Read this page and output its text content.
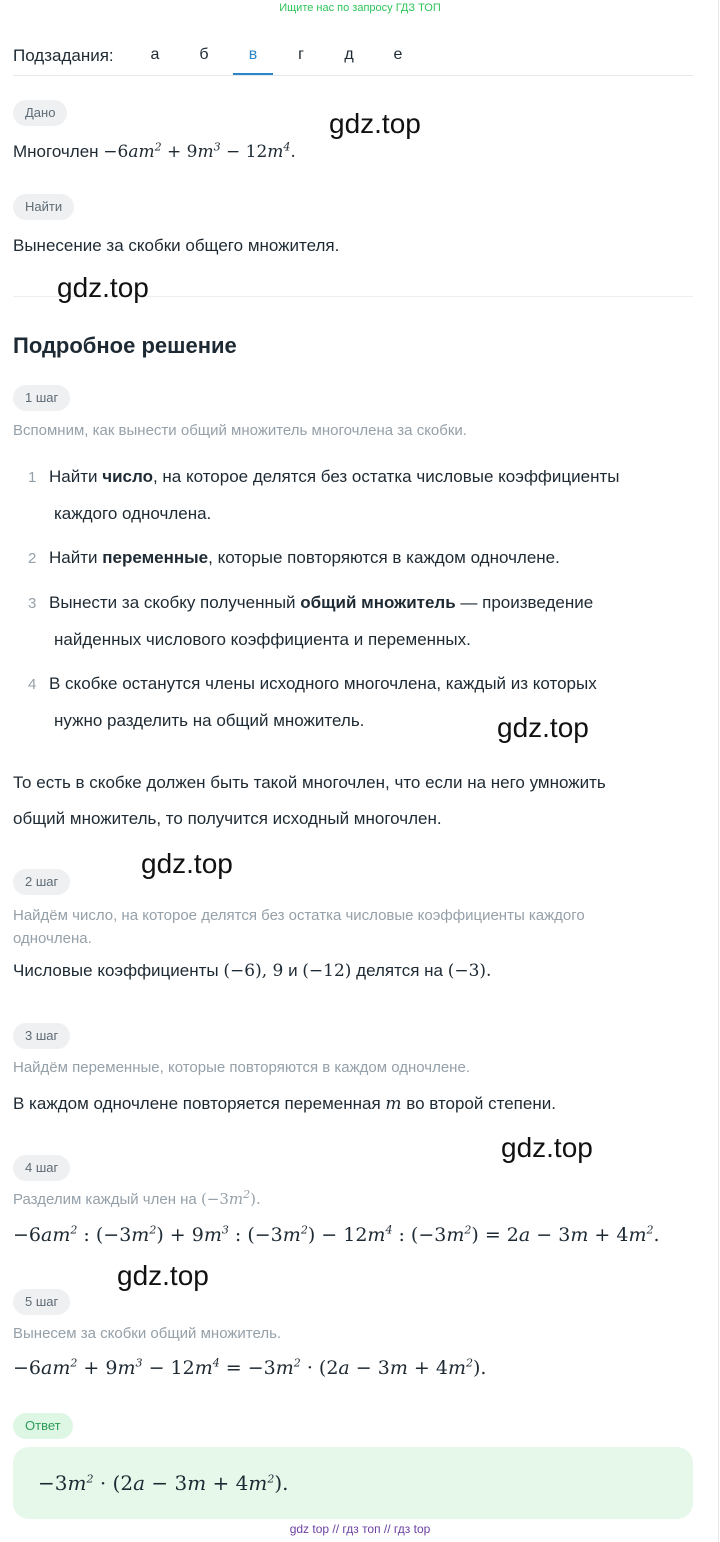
Ищите нас по запросу ГДЗ ТОП
Подзадания:	а	б	в	г	д	е
Дано
Многочлен $-6am^2 + 9m^3 - 12m^4$.
Найти
Вынесение за скобки общего множителя.
Подробное решение
1 шаг
Вспомним, как вынести общий множитель многочлена за скобки.
1 Найти число, на которое делятся без остатка числовые коэффициенты
каждого одночлена.
2 Найти переменные, которые повторяются в каждом одночлене.
3 Вынести за скобку полученный общий множитель — произведение
найденных числового коэффициента и переменных.
4 В скобке останутся члены исходного многочлена, каждый из которых
нужно разделить на общий множитель.
То есть в скобке должен быть такой многочлен, что если на него умножить
общий множитель, то получится исходный многочлен.
2 шаг
Найдём число, на которое делятся без остатка числовые коэффициенты каждого одночлена.
Числовые коэффициенты (−6), 9 и (−12) делятся на (−3).
3 шаг
Найдём переменные, которые повторяются в каждом одночлене.
В каждом одночлене повторяется переменная m во второй степени.
4 шаг
Разделим каждый член на $(-3m^2)$.
$-6am^2$ : $(-3m^2) + 9m^3$ : $(-3m^2) - 12m^4$ : $(-3m^2) = 2a - 3m + 4m^2$.
5 шаг
Вынесем за скобки общий множитель.
$-6am^2 + 9m^3 - 12m^4 = -3m^2 \cdot (2a - 3m + 4m^2)$.
Ответ
$-3m^2 \cdot (2a - 3m + 4m^2)$.
gdz.top
gdz.top
gdz.top
gdz.top
gdz.top
gdz.top
gdz top // гдз топ // гдз top
